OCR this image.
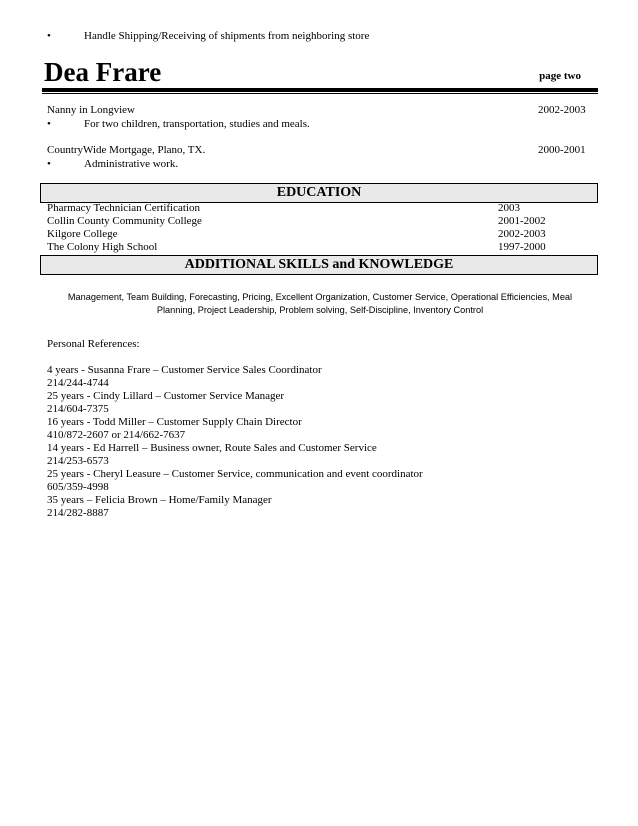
•	Handle Shipping/Receiving of shipments from neighboring store
Dea Frare	page two
Nanny in Longview	2002-2003
•	For two children, transportation, studies and meals.
CountryWide Mortgage, Plano, TX.	2000-2001
•	Administrative work.
EDUCATION
Pharmacy Technician Certification	2003
Collin County Community College	2001-2002
Kilgore College	2002-2003
The Colony High School	1997-2000
ADDITIONAL SKILLS and KNOWLEDGE
Management, Team Building, Forecasting, Pricing, Excellent Organization, Customer Service, Operational Efficiencies, Meal
Planning, Project Leadership, Problem solving, Self-Discipline, Inventory Control
Personal References:
4 years - Susanna Frare – Customer Service Sales Coordinator
214/244-4744
25 years - Cindy Lillard – Customer Service Manager
214/604-7375
16 years - Todd Miller – Customer Supply Chain Director
410/872-2607 or 214/662-7637
14 years - Ed Harrell – Business owner, Route Sales and Customer Service
214/253-6573
25 years - Cheryl Leasure – Customer Service, communication and event coordinator
605/359-4998
35 years – Felicia Brown – Home/Family Manager
214/282-8887
